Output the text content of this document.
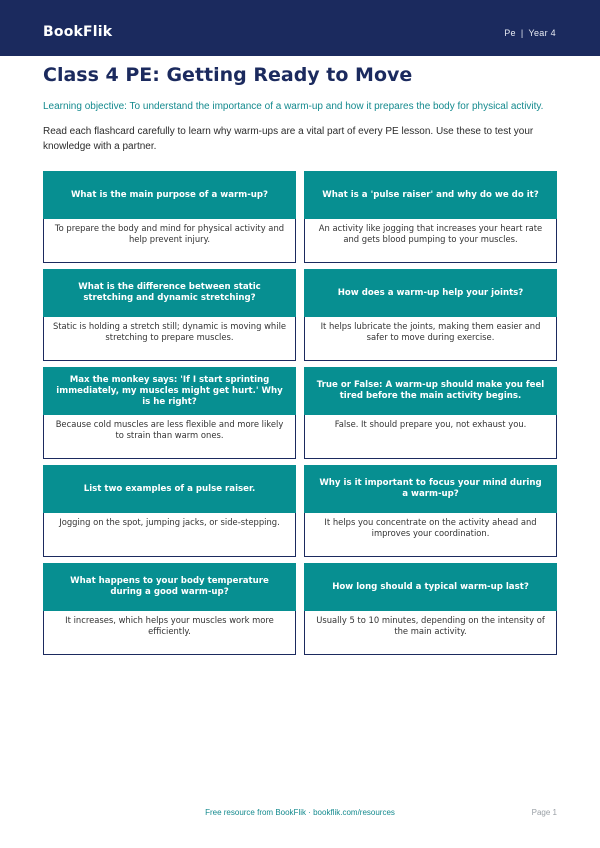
BookFlik	Pe | Year 4
Class 4 PE: Getting Ready to Move

Learning objective: To understand the importance of a warm-up and how it prepares the body for physical activity.

Read each flashcard carefully to learn why warm-ups are a vital part of every PE lesson. Use these to test your knowledge with a partner.

What is the main purpose of a warm-up?
To prepare the body and mind for physical activity and help prevent injury.
What is a 'pulse raiser' and why do we do it?
An activity like jogging that increases your heart rate and gets blood pumping to your muscles.
What is the difference between static stretching and dynamic stretching?
Static is holding a stretch still; dynamic is moving while stretching to prepare muscles.
How does a warm-up help your joints?
It helps lubricate the joints, making them easier and safer to move during exercise.
Max the monkey says: 'If I start sprinting immediately, my muscles might get hurt.' Why is he right?
Because cold muscles are less flexible and more likely to strain than warm ones.
True or False: A warm-up should make you feel tired before the main activity begins.
False. It should prepare you, not exhaust you.
List two examples of a pulse raiser.
Jogging on the spot, jumping jacks, or side-stepping.
Why is it important to focus your mind during a warm-up?
It helps you concentrate on the activity ahead and improves your coordination.
What happens to your body temperature during a good warm-up?
It increases, which helps your muscles work more efficiently.
How long should a typical warm-up last?
Usually 5 to 10 minutes, depending on the intensity of the main activity.
Free resource from BookFlik · bookflik.com/resources	Page 1
